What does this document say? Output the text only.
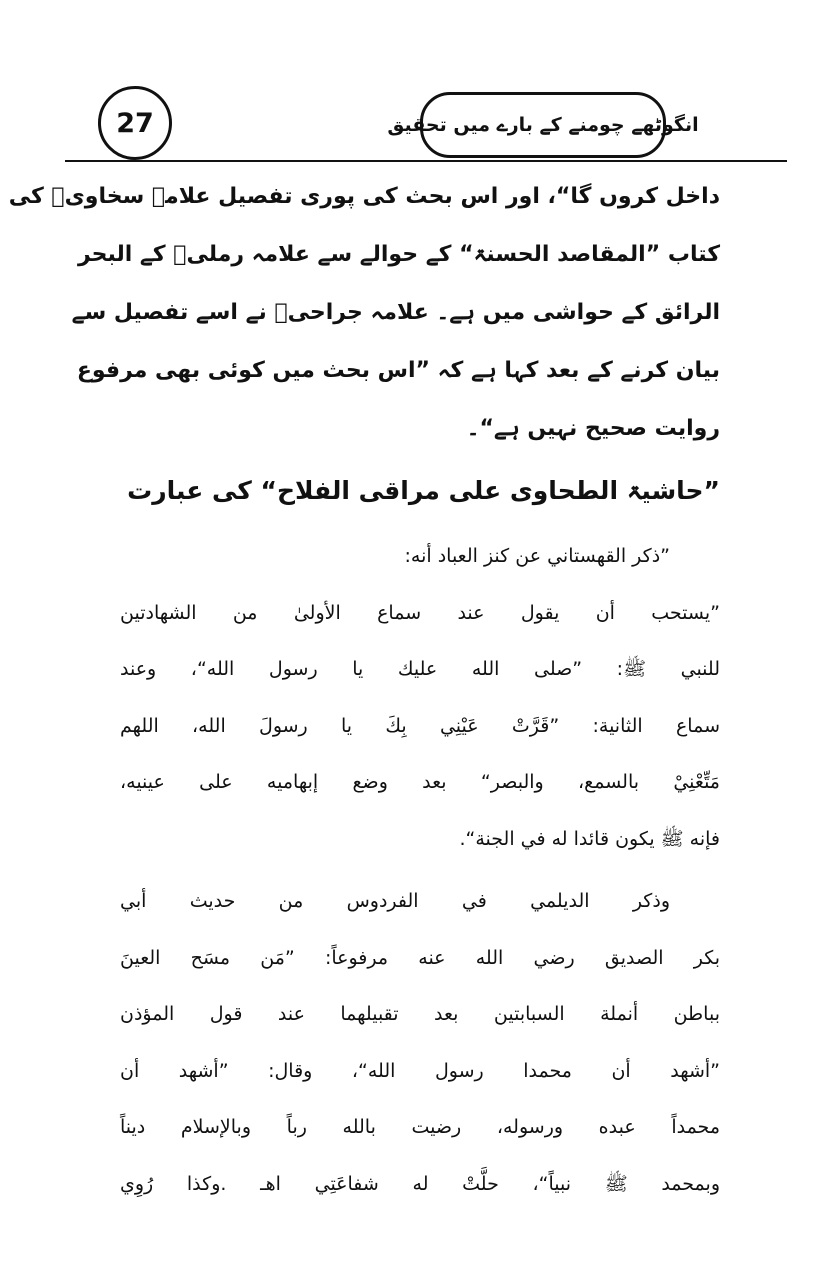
27	انگوٹھے چومنے کے بارے میں تحقیق
داخل کروں گا“، اور اس بحث کی پوری تفصیل علامہ سخاویؒ کی
کتاب ”المقاصد الحسنۃ“ کے حوالے سے علامہ رملیؒ کے البحر
الرائق کے حواشی میں ہے۔ علامہ جراحیؒ نے اسے تفصیل سے
بیان کرنے کے بعد کہا ہے کہ ”اس بحث میں کوئی بھی مرفوع
روایت صحیح نہیں ہے“۔
”حاشیۃ الطحاوی علی مراقی الفلاح“ کی عبارت
”ذكر القهستاني عن كنز العباد أنه:
”يستحب أن يقول عند سماع الأولىٰ من الشهادتين
للنبي ﷺ: ”صلى الله عليك يا رسول الله“، وعند
سماع الثانية: ”قَرَّتْ عَيْنِي بِكَ يا رسولَ الله، اللهم
مَتِّعْنِيْ بالسمع، والبصر“ بعد وضع إبهاميه على عينيه،
فإنه ﷺ يكون قائدا له في الجنة“.
وذكر الديلمي في الفردوس من حديث أبي
بكر الصديق رضي الله عنه مرفوعاً: ”مَن مسَح العينَ
بباطن أنملة السبابتين بعد تقبيلهما عند قول المؤذن
”أشهد أن محمدا رسول الله“، وقال: ”أشهد أن
محمداً عبده ورسوله، رضيت بالله رباً وبالإسلام ديناً
وبمحمد ﷺ نبياً“، حلَّتْ له شفاعَتِي اهـ .وكذا رُوِي
